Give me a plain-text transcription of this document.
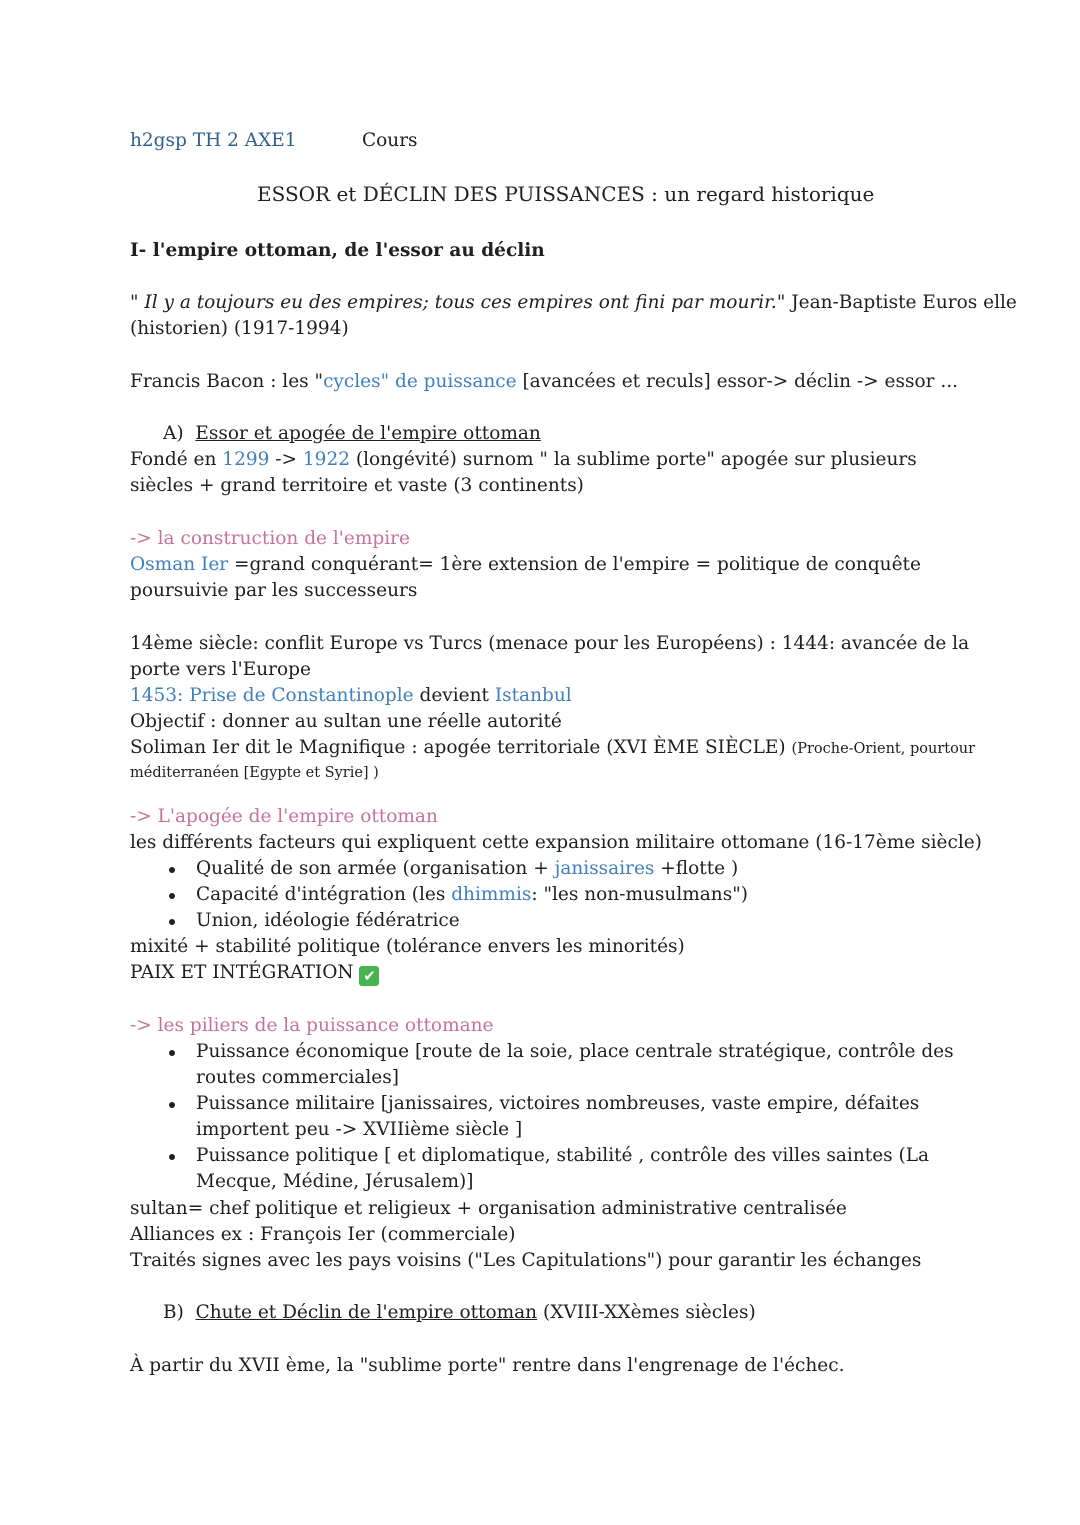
h2gsp TH 2 AXE1	Cours
ESSOR et DÉCLIN DES PUISSANCES : un regard historique
I- l'empire ottoman, de l'essor au déclin
" Il y a toujours eu des empires; tous ces empires ont fini par mourir." Jean-Baptiste Euros elle
(historien) (1917-1994)
Francis Bacon : les "cycles" de puissance [avancées et reculs] essor-> déclin -> essor ...
A) Essor et apogée de l'empire ottoman
Fondé en 1299 -> 1922 (longévité) surnom " la sublime porte" apogée sur plusieurs
siècles + grand territoire et vaste (3 continents)
-> la construction de l'empire
Osman Ier =grand conquérant= 1ère extension de l'empire = politique de conquête
poursuivie par les successeurs
14ème siècle: conflit Europe vs Turcs (menace pour les Européens) : 1444: avancée de la
porte vers l'Europe
1453: Prise de Constantinople devient Istanbul
Objectif : donner au sultan une réelle autorité
Soliman Ier dit le Magnifique : apogée territoriale (XVI ÈME SIÈCLE) (Proche-Orient, pourtour
méditerranéen [Egypte et Syrie] )
-> L'apogée de l'empire ottoman
les différents facteurs qui expliquent cette expansion militaire ottomane (16-17ème siècle)
Qualité de son armée (organisation + janissaires +flotte )
Capacité d'intégration (les dhimmis: "les non-musulmans")
Union, idéologie fédératrice
mixité + stabilité politique (tolérance envers les minorités)
PAIX ET INTÉGRATION ✔
-> les piliers de la puissance ottomane
Puissance économique [route de la soie, place centrale stratégique, contrôle des
routes commerciales]
Puissance militaire [janissaires, victoires nombreuses, vaste empire, défaites
importent peu -> XVIIième siècle ]
Puissance politique [ et diplomatique, stabilité , contrôle des villes saintes (La
Mecque, Médine, Jérusalem)]
sultan= chef politique et religieux + organisation administrative centralisée
Alliances ex : François Ier (commerciale)
Traités signes avec les pays voisins ("Les Capitulations") pour garantir les échanges
B) Chute et Déclin de l'empire ottoman (XVIII-XXèmes siècles)
À partir du XVII ème, la "sublime porte" rentre dans l'engrenage de l'échec.
